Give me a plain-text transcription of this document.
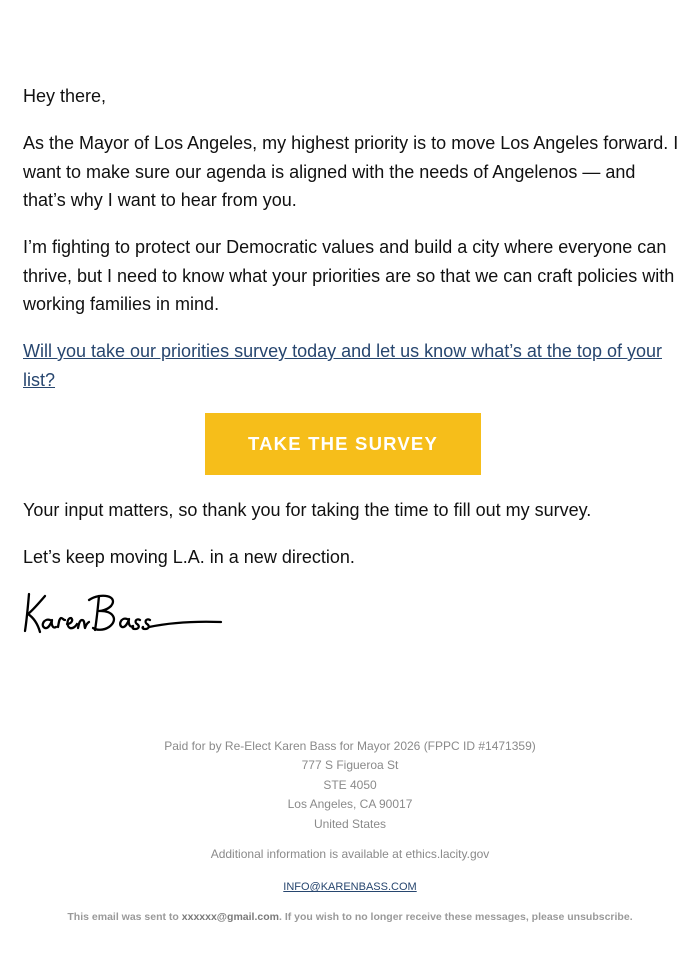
Hey there,

As the Mayor of Los Angeles, my highest priority is to move Los Angeles forward. I want to make sure our agenda is aligned with the needs of Angelenos — and that’s why I want to hear from you.

I’m fighting to protect our Democratic values and build a city where everyone can thrive, but I need to know what your priorities are so that we can craft policies with working families in mind.

Will you take our priorities survey today and let us know what’s at the top of your list?

TAKE THE SURVEY

Your input matters, so thank you for taking the time to fill out my survey.

Let’s keep moving L.A. in a new direction.

Paid for by Re-Elect Karen Bass for Mayor 2026 (FPPC ID #1471359)
777 S Figueroa St
STE 4050
Los Angeles, CA 90017
United States
Additional information is available at ethics.lacity.gov
INFO@KARENBASS.COM
This email was sent to xxxxxx@gmail.com. If you wish to no longer receive these messages, please unsubscribe.
